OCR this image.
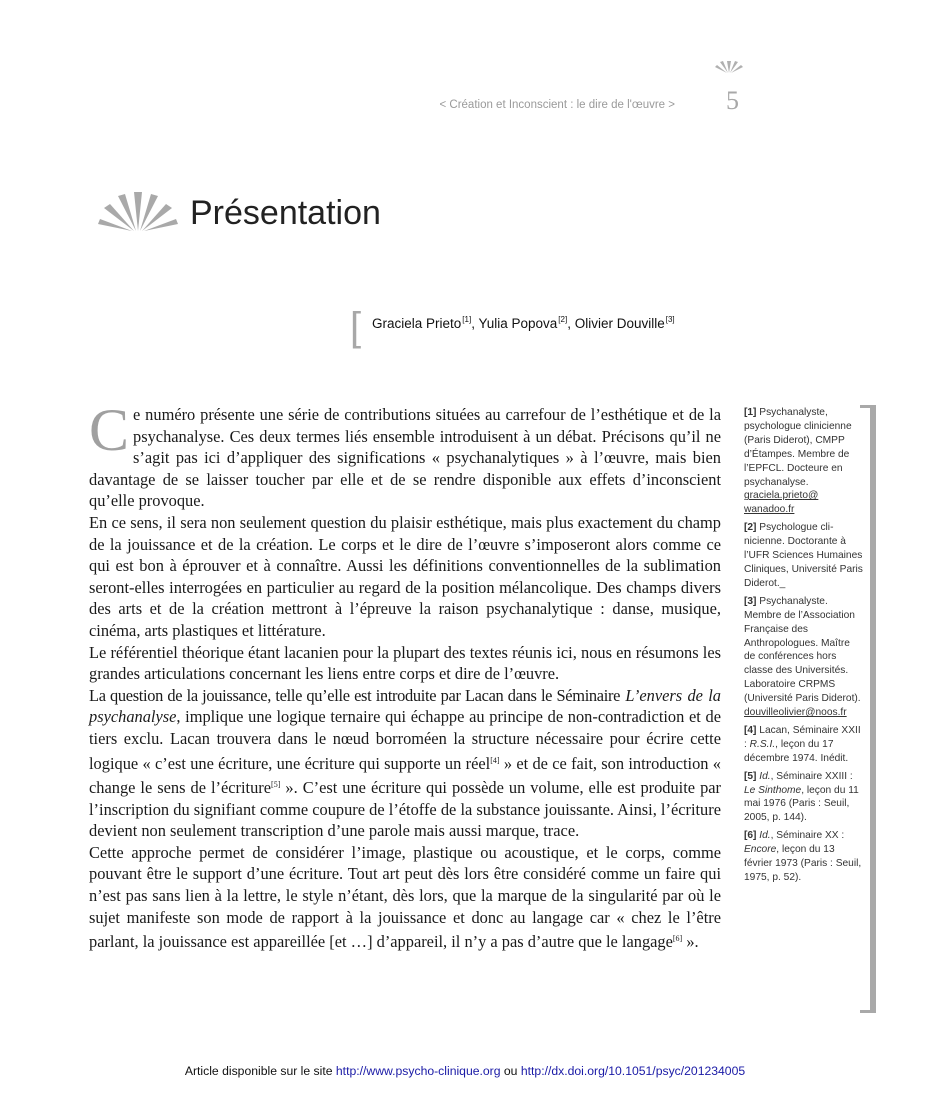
< Création et Inconscient : le dire de l'œuvre > 5
Présentation
[ Graciela Prieto[1], Yulia Popova[2], Olivier Douville[3]

Ce numéro présente une série de contributions situées au carrefour de l’esthétique et de la psychanalyse. Ces deux termes liés ensemble introduisent à un débat. Précisons qu’il ne s’agit pas ici d’appliquer des significations « psychanalytiques » à l’œuvre, mais bien davantage de se laisser toucher par elle et de se rendre disponible aux effets d’inconscient qu’elle provoque.

En ce sens, il sera non seulement question du plaisir esthétique, mais plus exactement du champ de la jouissance et de la création. Le corps et le dire de l’œuvre s’imposeront alors comme ce qui est bon à éprouver et à connaître. Aussi les définitions conventionnelles de la sublimation seront-elles interrogées en particulier au regard de la position mélancolique. Des champs divers des arts et de la création mettront à l’épreuve la raison psychanalytique : danse, musique, cinéma, arts plastiques et littérature.

Le référentiel théorique étant lacanien pour la plupart des textes réunis ici, nous en résumons les grandes articulations concernant les liens entre corps et dire de l’œuvre.

La question de la jouissance, telle qu’elle est introduite par Lacan dans le Séminaire L’envers de la psychanalyse, implique une logique ternaire qui échappe au principe de non-contradiction et de tiers exclu. Lacan trouvera dans le nœud borroméen la structure nécessaire pour écrire cette logique « c’est une écriture, une écriture qui supporte un réel[4] » et de ce fait, son introduction « change le sens de l’écriture[5] ». C’est une écriture qui possède un volume, elle est produite par l’inscription du signifiant comme coupure de l’étoffe de la substance jouissante. Ainsi, l’écriture devient non seulement transcription d’une parole mais aussi marque, trace.

Cette approche permet de considérer l’image, plastique ou acoustique, et le corps, comme pouvant être le support d’une écriture. Tout art peut dès lors être considéré comme un faire qui n’est pas sans lien à la lettre, le style n’étant, dès lors, que la marque de la singularité par où le sujet manifeste son mode de rapport à la jouissance et donc au langage car « chez le l’être parlant, la jouissance est appareillée [et …] d’appareil, il n’y a pas d’autre que le langage[6] ».

[1] Psychanalyste, psychologue clinicienne (Paris Diderot), CMPP d’Étampes. Membre de l’EPFCL. Docteure en psychanalyse.
graciela.prieto@ wanadoo.fr
[2] Psychologue clinicienne. Doctorante à l’UFR Sciences Humaines Cliniques, Université Paris Diderot._
[3] Psychanalyste. Membre de l’Association Française des Anthropologues. Maître de conférences hors classe des Universités. Laboratoire CRPMS (Université Paris Diderot).
douvilleolivier@noos.fr
[4] Lacan, Séminaire XXII : R.S.I., leçon du 17 décembre 1974. Inédit.
[5] Id., Séminaire XXIII : Le Sinthome, leçon du 11 mai 1976 (Paris : Seuil, 2005, p. 144).
[6] Id., Séminaire XX : Encore, leçon du 13 février 1973 (Paris : Seuil, 1975, p. 52).
Article disponible sur le site http://www.psycho-clinique.org ou http://dx.doi.org/10.1051/psyc/201234005
